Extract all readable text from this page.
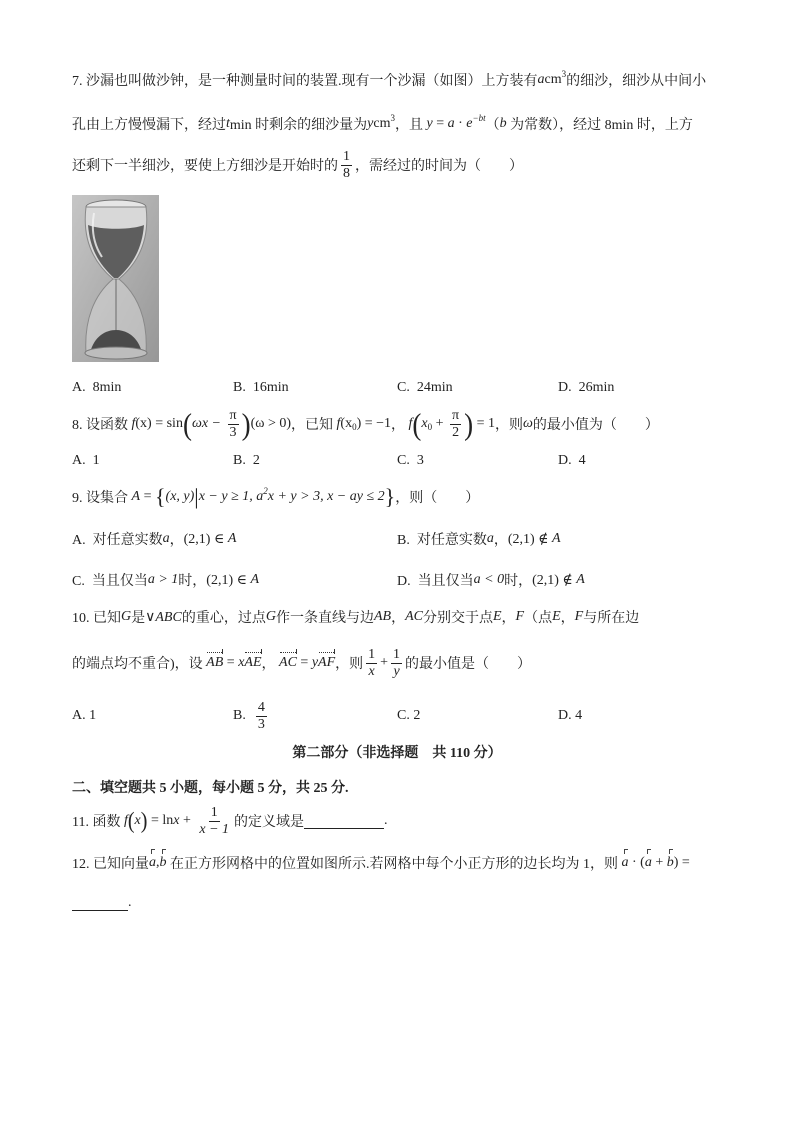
7. 沙漏也叫做沙钟，是一种测量时间的装置.现有一个沙漏（如图）上方装有 a $cm^3$ 的细沙，细沙从中间小
孔由上方慢慢漏下，经过 t min 时剩余的细沙量为 y $cm^3$ ，且 $y = a \cdot e^{-bt}$ （ b 为常数），经过 8min 时，上方
还剩下一半细沙，要使上方细沙是开始时的 $\frac{1}{8}$ ，需经过的时间为（　　）
A.  8min	B.  16min	C.  24min	D.  26min
8. 设函数 f (x) = sin ( $\omega x - \frac{\pi}{3}$ ) (ω > 0) ，已知 f $(x_0) = -1$ ， f ( $x_0 + \frac{\pi}{2}$ ) = 1 ，则 ω 的最小值为（　　）
A.  1	B.  2	C.  3	D.  4
9. 设集合 A = { (x, y) | x − y ≥ 1, $a^2x + y > 3$, x − ay ≤ 2 } ，则（　　）
A.  对任意实数 a ， (2,1) ∈ A	B.  对任意实数 a ， (2,1) ∉ A
C.  当且仅当 a > 1 时， (2,1) ∈ A	D.  当且仅当 a < 0 时， (2,1) ∉ A
10. 已知 G 是 ∨ABC 的重心，过点 G 作一条直线与边 AB ， AC 分别交于点 E ， F （点 E ， F 与所在边
的端点均不重合)，设 AB = x AE ， AC = y AF ，则 $\frac{1}{x} + \frac{1}{y}$ 的最小值是（　　）
A. 1	B. $\frac{4}{3}$	C. 2	D. 4
第二部分（非选择题　共 110 分）
二、填空题共 5 小题，每小题 5 分，共 25 分.
11. 函数 f ( x ) = $\ln x + \frac{1}{x - 1}$ 的定义域是	.
12. 已知向量 a , b 在正方形网格中的位置如图所示.若网格中每个小正方形的边长均为 1，则 a · ( a + b ) =
.
